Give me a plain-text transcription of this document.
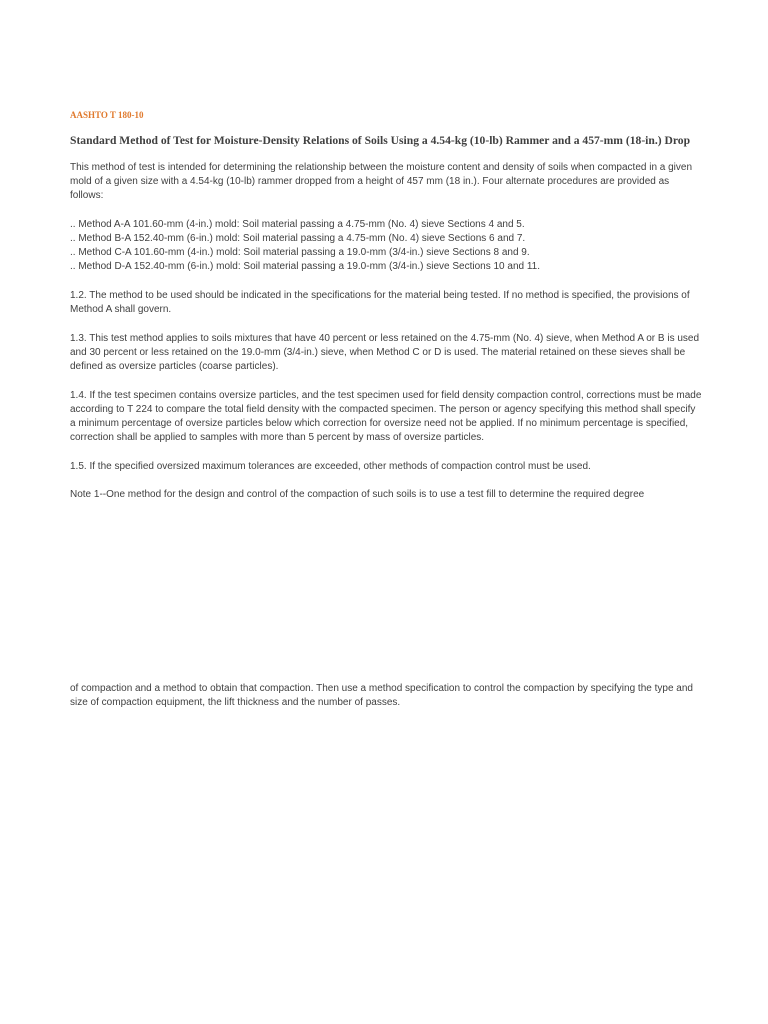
AASHTO T 180-10
Standard Method of Test for Moisture-Density Relations of Soils Using a 4.54-kg (10-lb) Rammer and a 457-mm (18-in.) Drop

This method of test is intended for determining the relationship between the moisture content and density of soils when compacted in a given mold of a given size with a 4.54-kg (10-lb) rammer dropped from a height of 457 mm (18 in.). Four alternate procedures are provided as follows:

.. Method A-A 101.60-mm (4-in.) mold: Soil material passing a 4.75-mm (No. 4) sieve Sections 4 and 5.
.. Method B-A 152.40-mm (6-in.) mold: Soil material passing a 4.75-mm (No. 4) sieve Sections 6 and 7.
.. Method C-A 101.60-mm (4-in.) mold: Soil material passing a 19.0-mm (3/4-in.) sieve Sections 8 and 9.
.. Method D-A 152.40-mm (6-in.) mold: Soil material passing a 19.0-mm (3/4-in.) sieve Sections 10 and 11.

1.2. The method to be used should be indicated in the specifications for the material being tested. If no method is specified, the provisions of Method A shall govern.

1.3. This test method applies to soils mixtures that have 40 percent or less retained on the 4.75-mm (No. 4) sieve, when Method A or B is used and 30 percent or less retained on the 19.0-mm (3/4-in.) sieve, when Method C or D is used. The material retained on these sieves shall be defined as oversize particles (coarse particles).

1.4. If the test specimen contains oversize particles, and the test specimen used for field density compaction control, corrections must be made according to T 224 to compare the total field density with the compacted specimen. The person or agency specifying this method shall specify a minimum percentage of oversize particles below which correction for oversize need not be applied. If no minimum percentage is specified, correction shall be applied to samples with more than 5 percent by mass of oversize particles.

1.5. If the specified oversized maximum tolerances are exceeded, other methods of compaction control must be used.

Note 1--One method for the design and control of the compaction of such soils is to use a test fill to determine the required degree

of compaction and a method to obtain that compaction. Then use a method specification to control the compaction by specifying the type and size of compaction equipment, the lift thickness and the number of passes.
